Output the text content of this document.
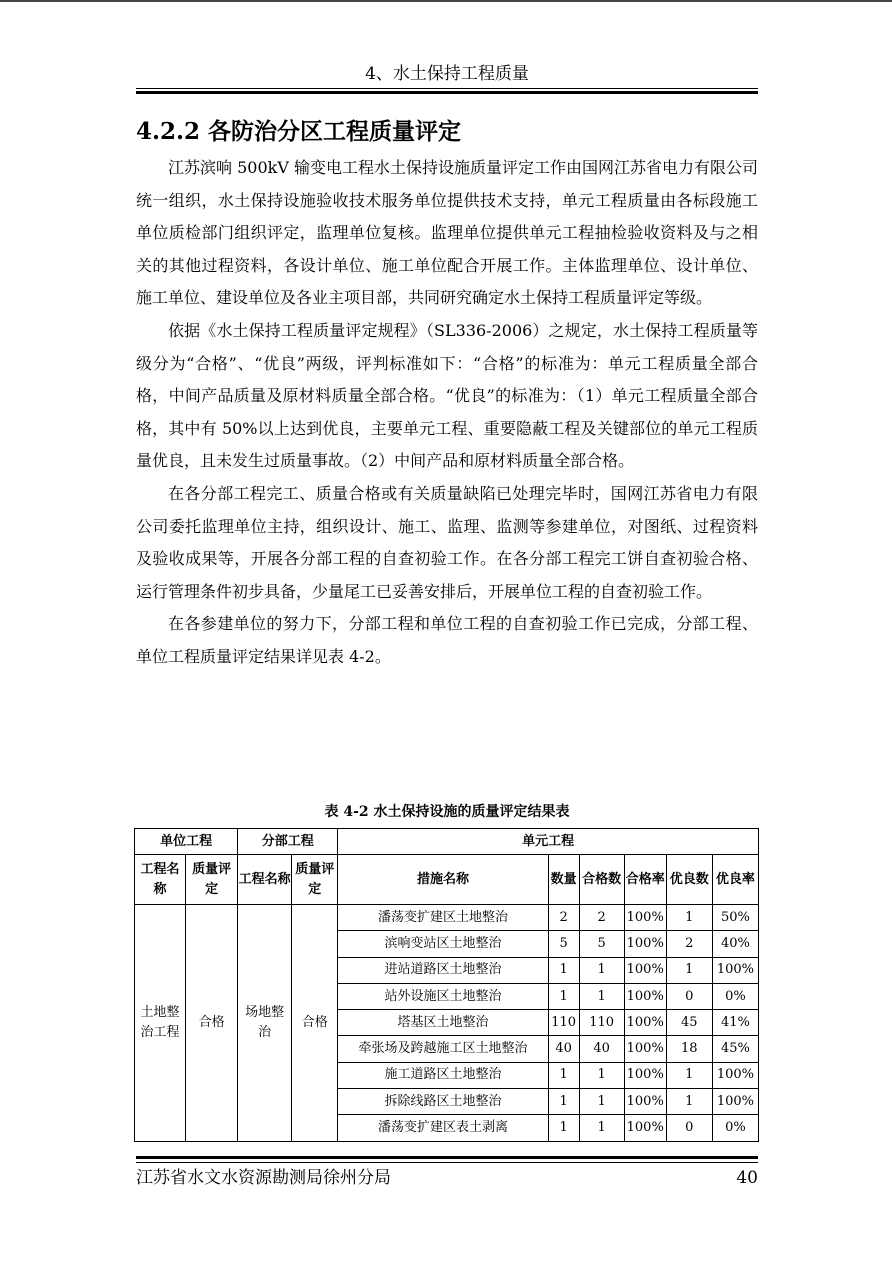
4、水土保持工程质量
4.2.2 各防治分区工程质量评定

江苏滨响 500kV 输变电工程水土保持设施质量评定工作由国网江苏省电力有限公司统一组织，水土保持设施验收技术服务单位提供技术支持，单元工程质量由各标段施工单位质检部门组织评定，监理单位复核。监理单位提供单元工程抽检验收资料及与之相关的其他过程资料，各设计单位、施工单位配合开展工作。主体监理单位、设计单位、施工单位、建设单位及各业主项目部，共同研究确定水土保持工程质量评定等级。

依据《水土保持工程质量评定规程》（SL336-2006）之规定，水土保持工程质量等级分为“合格”、“优良”两级，评判标准如下：“合格”的标准为：单元工程质量全部合格，中间产品质量及原材料质量全部合格。“优良”的标准为：（1）单元工程质量全部合格，其中有 50%以上达到优良，主要单元工程、重要隐蔽工程及关键部位的单元工程质量优良，且未发生过质量事故。（2）中间产品和原材料质量全部合格。

在各分部工程完工、质量合格或有关质量缺陷已处理完毕时，国网江苏省电力有限公司委托监理单位主持，组织设计、施工、监理、监测等参建单位，对图纸、过程资料及验收成果等，开展各分部工程的自查初验工作。在各分部工程完工饼自查初验合格、运行管理条件初步具备，少量尾工已妥善安排后，开展单位工程的自查初验工作。

在各参建单位的努力下，分部工程和单位工程的自查初验工作已完成，分部工程、单位工程质量评定结果详见表 4-2。

表 4-2 水土保持设施的质量评定结果表
单位工程		分部工程		单元工程					
工程名称	质量评定	工程名称	质量评定	措施名称	数量	合格数	合格率	优良数	优良率
土地整治工程	合格	场地整治	合格	潘荡变扩建区土地整治	2	2	100%	1	50%
				滨响变站区土地整治	5	5	100%	2	40%
				进站道路区土地整治	1	1	100%	1	100%
				站外设施区土地整治	1	1	100%	0	0%
				塔基区土地整治	110	110	100%	45	41%
				牵张场及跨越施工区土地整治	40	40	100%	18	45%
				施工道路区土地整治	1	1	100%	1	100%
				拆除线路区土地整治	1	1	100%	1	100%
				潘荡变扩建区表土剥离	1	1	100%	0	0%
江苏省水文水资源勘测局徐州分局	40
